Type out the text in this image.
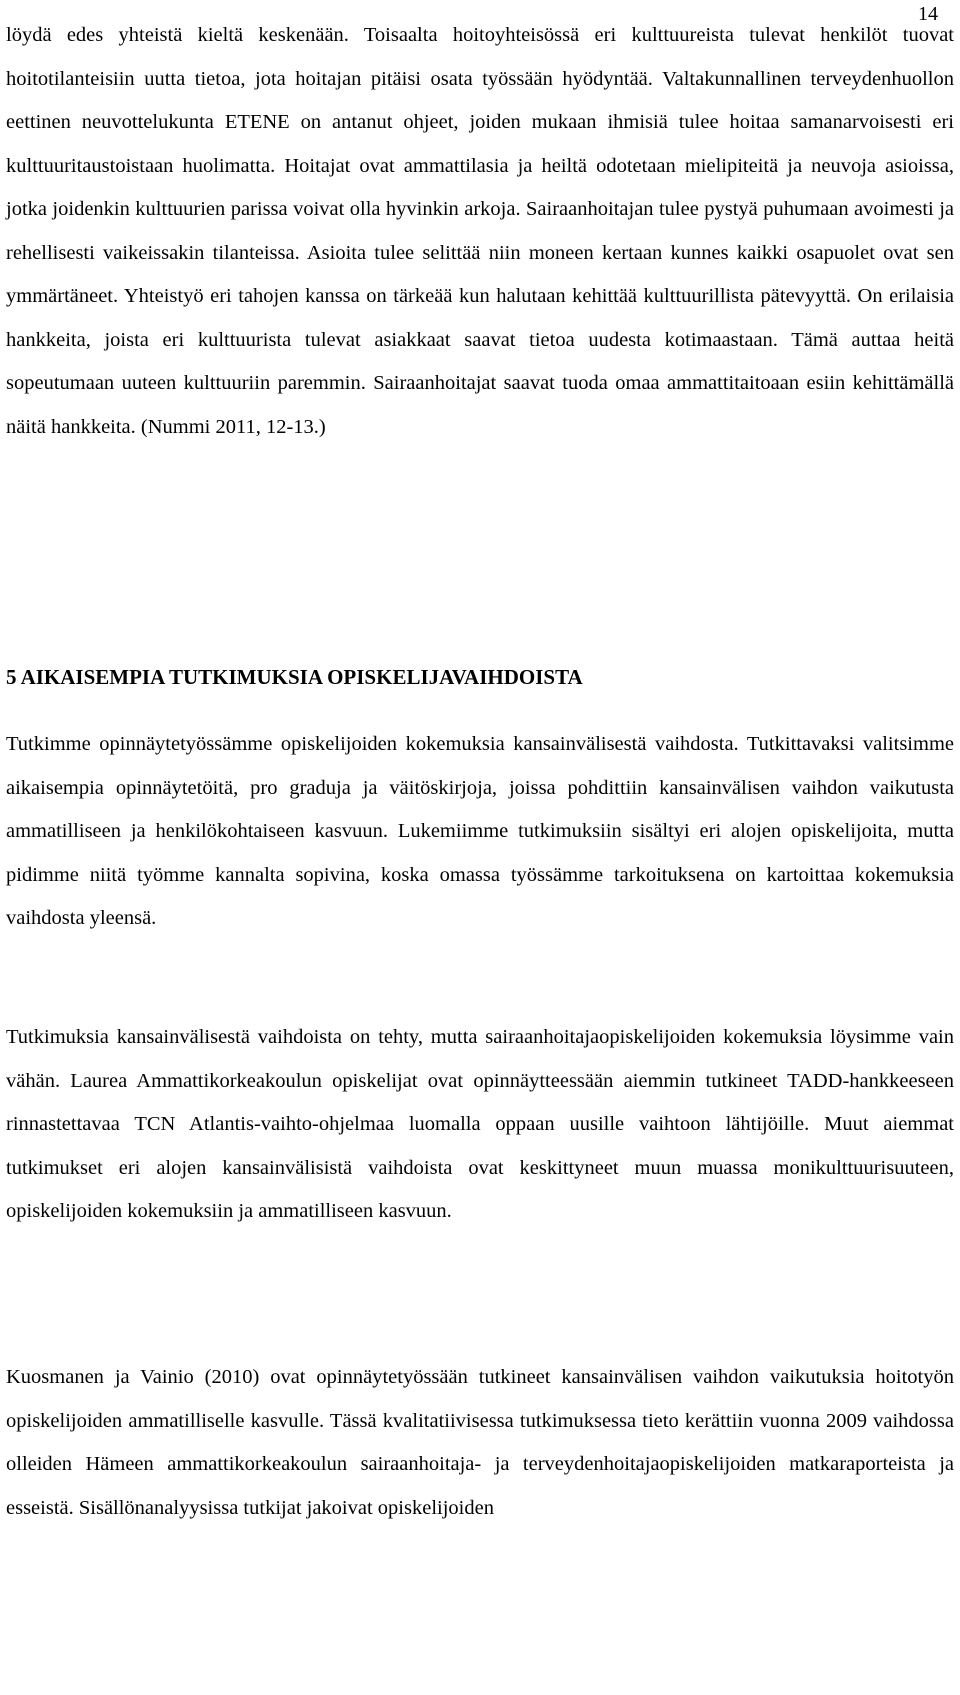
14

löydä edes yhteistä kieltä keskenään. Toisaalta hoitoyhteisössä eri kulttuureista tulevat henkilöt tuovat hoitotilanteisiin uutta tietoa, jota hoitajan pitäisi osata työssään hyödyntää. Valtakunnallinen terveydenhuollon eettinen neuvottelukunta ETENE on antanut ohjeet, joiden mukaan ihmisiä tulee hoitaa samanarvoisesti eri kulttuuritaustoistaan huolimatta. Hoitajat ovat ammattilasia ja heiltä odotetaan mielipiteitä ja neuvoja asioissa, jotka joidenkin kulttuurien parissa voivat olla hyvinkin arkoja. Sairaanhoitajan tulee pystyä puhumaan avoimesti ja rehellisesti vaikeissakin tilanteissa. Asioita tulee selittää niin moneen kertaan kunnes kaikki osapuolet ovat sen ymmärtäneet. Yhteistyö eri tahojen kanssa on tärkeää kun halutaan kehittää kulttuurillista pätevyyttä. On erilaisia hankkeita, joista eri kulttuurista tulevat asiakkaat saavat tietoa uudesta kotimaastaan. Tämä auttaa heitä sopeutumaan uuteen kulttuuriin paremmin. Sairaanhoitajat saavat tuoda omaa ammattitaitoaan esiin kehittämällä näitä hankkeita. (Nummi 2011, 12-13.)

5 AIKAISEMPIA TUTKIMUKSIA OPISKELIJAVAIHDOISTA

Tutkimme opinnäytetyössämme opiskelijoiden kokemuksia kansainvälisestä vaihdosta. Tutkittavaksi valitsimme aikaisempia opinnäytetöitä, pro graduja ja väitöskirjoja, joissa pohdittiin kansainvälisen vaihdon vaikutusta ammatilliseen ja henkilökohtaiseen kasvuun. Lukemiimme tutkimuksiin sisältyi eri alojen opiskelijoita, mutta pidimme niitä työmme kannalta sopivina, koska omassa työssämme tarkoituksena on kartoittaa kokemuksia vaihdosta yleensä.

Tutkimuksia kansainvälisestä vaihdoista on tehty, mutta sairaanhoitajaopiskelijoiden kokemuksia löysimme vain vähän. Laurea Ammattikorkeakoulun opiskelijat ovat opinnäytteessään aiemmin tutkineet TADD-hankkeeseen rinnastettavaa TCN Atlantis-vaihto-ohjelmaa luomalla oppaan uusille vaihtoon lähtijöille. Muut aiemmat tutkimukset eri alojen kansainvälisistä vaihdoista ovat keskittyneet muun muassa monikulttuurisuuteen, opiskelijoiden kokemuksiin ja ammatilliseen kasvuun.

Kuosmanen ja Vainio (2010) ovat opinnäytetyössään tutkineet kansainvälisen vaihdon vaikutuksia hoitotyön opiskelijoiden ammatilliselle kasvulle. Tässä kvalitatiivisessa tutkimuksessa tieto kerättiin vuonna 2009 vaihdossa olleiden Hämeen ammattikorkeakoulun sairaanhoitaja- ja terveydenhoitajaopiskelijoiden matkaraporteista ja esseistä. Sisällönanalyysissa tutkijat jakoivat opiskelijoiden
